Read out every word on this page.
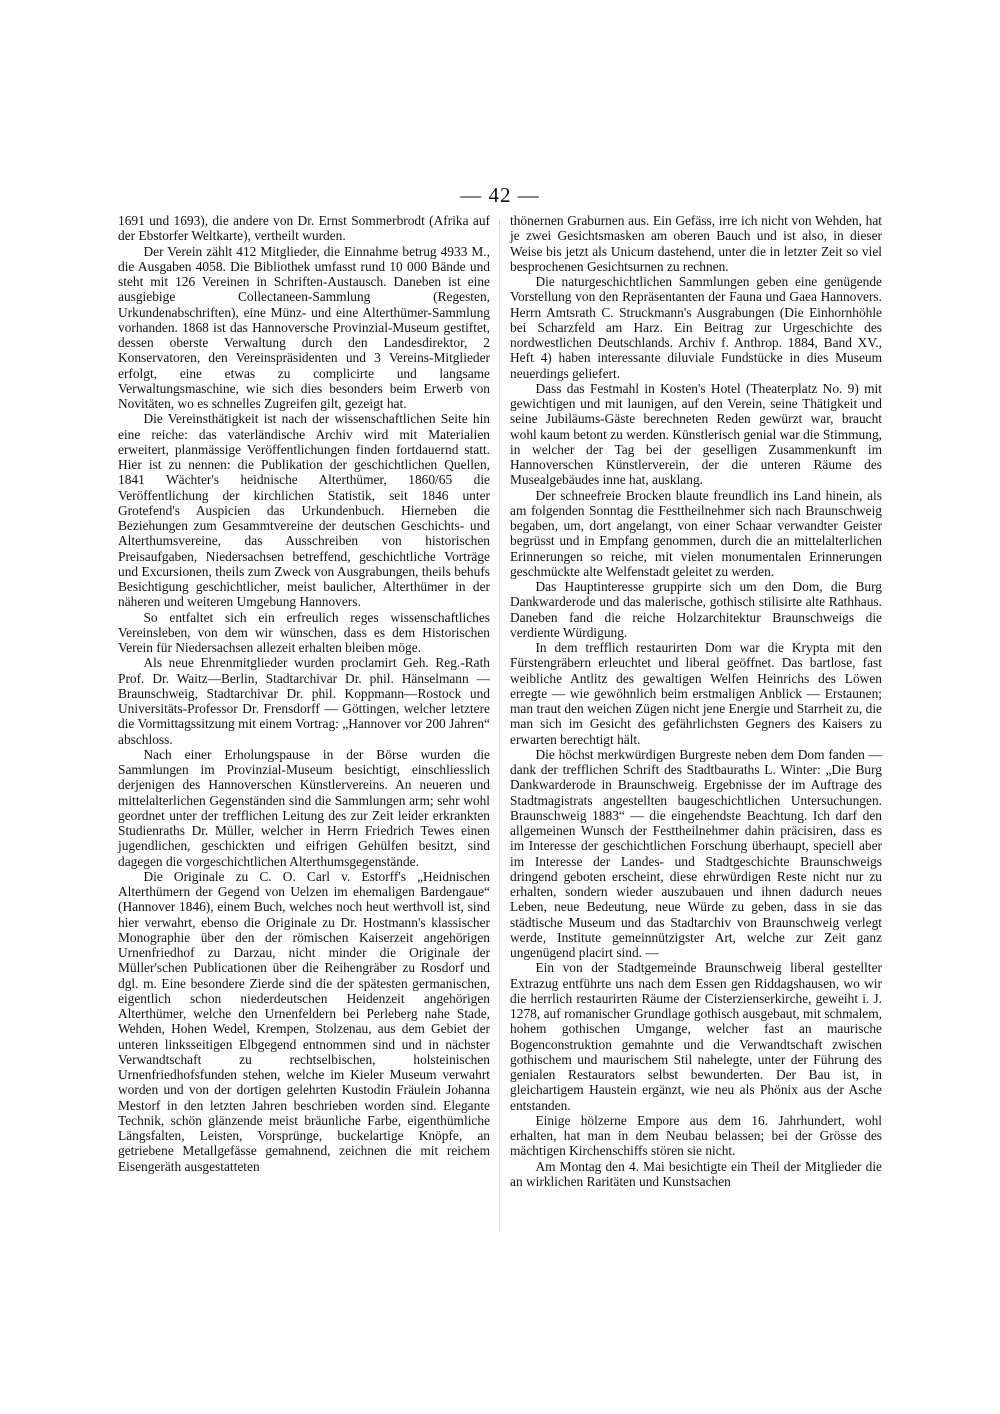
— 42 —

1691 und 1693), die andere von Dr. Ernst Sommerbrodt (Afrika auf der Ebstorfer Weltkarte), vertheilt wurden.

Der Verein zählt 412 Mitglieder, die Einnahme betrug 4933 M., die Ausgaben 4058. Die Bibliothek umfasst rund 10 000 Bände und steht mit 126 Vereinen in Schriften-Austausch. Daneben ist eine ausgiebige Collectaneen-Sammlung (Regesten, Urkundenabschriften), eine Münz- und eine Alterthümer-Sammlung vorhanden. 1868 ist das Hannoversche Provinzial-Museum gestiftet, dessen oberste Verwaltung durch den Landesdirektor, 2 Konservatoren, den Vereinspräsidenten und 3 Vereins-Mitglieder erfolgt, eine etwas zu complicirte und langsame Verwaltungsmaschine, wie sich dies besonders beim Erwerb von Novitäten, wo es schnelles Zugreifen gilt, gezeigt hat.

Die Vereinsthätigkeit ist nach der wissenschaftlichen Seite hin eine reiche: das vaterländische Archiv wird mit Materialien erweitert, planmässige Veröffentlichungen finden fortdauernd statt. Hier ist zu nennen: die Publikation der geschichtlichen Quellen, 1841 Wächter's heidnische Alterthümer, 1860/65 die Veröffentlichung der kirchlichen Statistik, seit 1846 unter Grotefend's Auspicien das Urkundenbuch. Hierneben die Beziehungen zum Gesammtvereine der deutschen Geschichts- und Alterthumsvereine, das Ausschreiben von historischen Preisaufgaben, Niedersachsen betreffend, geschichtliche Vorträge und Excursionen, theils zum Zweck von Ausgrabungen, theils behufs Besichtigung geschichtlicher, meist baulicher, Alterthümer in der näheren und weiteren Umgebung Hannovers.

So entfaltet sich ein erfreulich reges wissenschaftliches Vereinsleben, von dem wir wünschen, dass es dem Historischen Verein für Niedersachsen allezeit erhalten bleiben möge.

Als neue Ehrenmitglieder wurden proclamirt Geh. Reg.-Rath Prof. Dr. Waitz—Berlin, Stadtarchivar Dr. phil. Hänselmann — Braunschweig, Stadtarchivar Dr. phil. Koppmann—Rostock und Universitäts-Professor Dr. Frensdorff — Göttingen, welcher letztere die Vormittagssitzung mit einem Vortrag: „Hannover vor 200 Jahren“ abschloss.

Nach einer Erholungspause in der Börse wurden die Sammlungen im Provinzial-Museum besichtigt, einschliesslich derjenigen des Hannoverschen Künstlervereins. An neueren und mittelalterlichen Gegenständen sind die Sammlungen arm; sehr wohl geordnet unter der trefflichen Leitung des zur Zeit leider erkrankten Studienraths Dr. Müller, welcher in Herrn Friedrich Tewes einen jugendlichen, geschickten und eifrigen Gehülfen besitzt, sind dagegen die vorgeschichtlichen Alterthumsgegenstände.

Die Originale zu C. O. Carl v. Estorff's „Heidnischen Alterthümern der Gegend von Uelzen im ehemaligen Bardengaue“ (Hannover 1846), einem Buch, welches noch heut werthvoll ist, sind hier verwahrt, ebenso die Originale zu Dr. Hostmann's klassischer Monographie über den der römischen Kaiserzeit angehörigen Urnenfriedhof zu Darzau, nicht minder die Originale der Müller'schen Publicationen über die Reihengräber zu Rosdorf und dgl. m. Eine besondere Zierde sind die der spätesten germanischen, eigentlich schon niederdeutschen Heidenzeit angehörigen Alterthümer, welche den Urnenfeldern bei Perleberg nahe Stade, Wehden, Hohen Wedel, Krempen, Stolzenau, aus dem Gebiet der unteren linksseitigen Elbgegend entnommen sind und in nächster Verwandtschaft zu rechtselbischen, holsteinischen Urnenfriedhofsfunden stehen, welche im Kieler Museum verwahrt worden und von der dortigen gelehrten Kustodin Fräulein Johanna Mestorf in den letzten Jahren beschrieben worden sind. Elegante Technik, schön glänzende meist bräunliche Farbe, eigenthümliche Längsfalten, Leisten, Vorsprünge, buckelartige Knöpfe, an getriebene Metallgefässe gemahnend, zeichnen die mit reichem Eisengeräth ausgestatteten

thönernen Graburnen aus. Ein Gefäss, irre ich nicht von Wehden, hat je zwei Gesichtsmasken am oberen Bauch und ist also, in dieser Weise bis jetzt als Unicum dastehend, unter die in letzter Zeit so viel besprochenen Gesichtsurnen zu rechnen.

Die naturgeschichtlichen Sammlungen geben eine genügende Vorstellung von den Repräsentanten der Fauna und Gaea Hannovers. Herrn Amtsrath C. Struckmann's Ausgrabungen (Die Einhornhöhle bei Scharzfeld am Harz. Ein Beitrag zur Urgeschichte des nordwestlichen Deutschlands. Archiv f. Anthrop. 1884, Band XV., Heft 4) haben interessante diluviale Fundstücke in dies Museum neuerdings geliefert.

Dass das Festmahl in Kosten's Hotel (Theaterplatz No. 9) mit gewichtigen und mit launigen, auf den Verein, seine Thätigkeit und seine Jubiläums-Gäste berechneten Reden gewürzt war, braucht wohl kaum betont zu werden. Künstlerisch genial war die Stimmung, in welcher der Tag bei der geselligen Zusammenkunft im Hannoverschen Künstlerverein, der die unteren Räume des Musealgebäudes inne hat, ausklang.

Der schneefreie Brocken blaute freundlich ins Land hinein, als am folgenden Sonntag die Festtheilnehmer sich nach Braunschweig begaben, um, dort angelangt, von einer Schaar verwandter Geister begrüsst und in Empfang genommen, durch die an mittelalterlichen Erinnerungen so reiche, mit vielen monumentalen Erinnerungen geschmückte alte Welfenstadt geleitet zu werden.

Das Hauptinteresse gruppirte sich um den Dom, die Burg Dankwarderode und das malerische, gothisch stilisirte alte Rathhaus. Daneben fand die reiche Holzarchitektur Braunschweigs die verdiente Würdigung.

In dem trefflich restaurirten Dom war die Krypta mit den Fürstengräbern erleuchtet und liberal geöffnet. Das bartlose, fast weibliche Antlitz des gewaltigen Welfen Heinrichs des Löwen erregte — wie gewöhnlich beim erstmaligen Anblick — Erstaunen; man traut den weichen Zügen nicht jene Energie und Starrheit zu, die man sich im Gesicht des gefährlichsten Gegners des Kaisers zu erwarten berechtigt hält.

Die höchst merkwürdigen Burgreste neben dem Dom fanden — dank der trefflichen Schrift des Stadtbauraths L. Winter: „Die Burg Dankwarderode in Braunschweig. Ergebnisse der im Auftrage des Stadtmagistrats angestellten baugeschichtlichen Untersuchungen. Braunschweig 1883“ — die eingehendste Beachtung. Ich darf den allgemeinen Wunsch der Festtheilnehmer dahin präcisiren, dass es im Interesse der geschichtlichen Forschung überhaupt, speciell aber im Interesse der Landes- und Stadtgeschichte Braunschweigs dringend geboten erscheint, diese ehrwürdigen Reste nicht nur zu erhalten, sondern wieder auszubauen und ihnen dadurch neues Leben, neue Bedeutung, neue Würde zu geben, dass in sie das städtische Museum und das Stadtarchiv von Braunschweig verlegt werde, Institute gemeinnützigster Art, welche zur Zeit ganz ungenügend placirt sind. —

Ein von der Stadtgemeinde Braunschweig liberal gestellter Extrazug entführte uns nach dem Essen gen Riddagshausen, wo wir die herrlich restaurirten Räume der Cisterzienserkirche, geweiht i. J. 1278, auf romanischer Grundlage gothisch ausgebaut, mit schmalem, hohem gothischen Umgange, welcher fast an maurische Bogenconstruktion gemahnte und die Verwandtschaft zwischen gothischem und maurischem Stil nahelegte, unter der Führung des genialen Restaurators selbst bewunderten. Der Bau ist, in gleichartigem Haustein ergänzt, wie neu als Phönix aus der Asche entstanden.

Einige hölzerne Empore aus dem 16. Jahrhundert, wohl erhalten, hat man in dem Neubau belassen; bei der Grösse des mächtigen Kirchenschiffs stören sie nicht.

Am Montag den 4. Mai besichtigte ein Theil der Mitglieder die an wirklichen Raritäten und Kunstsachen
